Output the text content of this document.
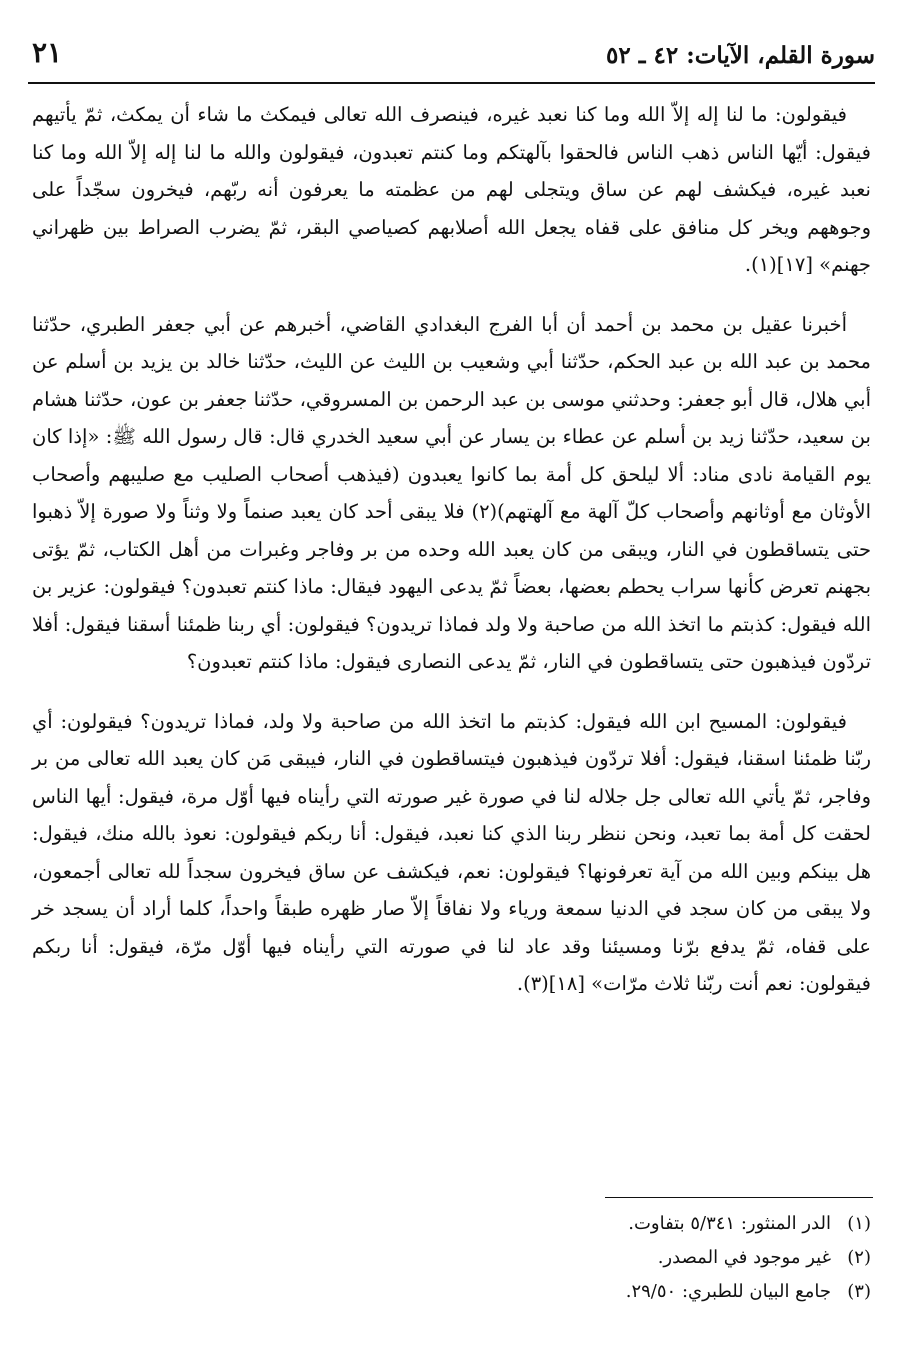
سورة القلم، الآيات: ٤٢ ـ ٥٢
٢١

فيقولون: ما لنا إله إلاّ الله وما كنا نعبد غيره، فينصرف الله تعالى فيمكث ما شاء أن يمكث، ثمّ يأتيهم فيقول: أيّها الناس ذهب الناس فالحقوا بآلهتكم وما كنتم تعبدون، فيقولون والله ما لنا إله إلاّ الله وما كنا نعبد غيره، فيكشف لهم عن ساق ويتجلى لهم من عظمته ما يعرفون أنه ربّهم، فيخرون سجّداً على وجوههم ويخر كل منافق على قفاه يجعل الله أصلابهم كصياصي البقر، ثمّ يضرب الصراط بين ظهراني جهنم» [١٧](١).

أخبرنا عقيل بن محمد بن أحمد أن أبا الفرج البغدادي القاضي، أخبرهم عن أبي جعفر الطبري، حدّثنا محمد بن عبد الله بن عبد الحكم، حدّثنا أبي وشعيب بن الليث عن الليث، حدّثنا خالد بن يزيد بن أسلم عن أبي هلال، قال أبو جعفر: وحدثني موسى بن عبد الرحمن بن المسروقي، حدّثنا جعفر بن عون، حدّثنا هشام بن سعيد، حدّثنا زيد بن أسلم عن عطاء بن يسار عن أبي سعيد الخدري قال: قال رسول الله ﷺ: «إذا كان يوم القيامة نادى مناد: ألا ليلحق كل أمة بما كانوا يعبدون (فيذهب أصحاب الصليب مع صليبهم وأصحاب الأوثان مع أوثانهم وأصحاب كلّ آلهة مع آلهتهم)(٢) فلا يبقى أحد كان يعبد صنماً ولا وثناً ولا صورة إلاّ ذهبوا حتى يتساقطون في النار، ويبقى من كان يعبد الله وحده من بر وفاجر وغبرات من أهل الكتاب، ثمّ يؤتى بجهنم تعرض كأنها سراب يحطم بعضها، بعضاً ثمّ يدعى اليهود فيقال: ماذا كنتم تعبدون؟ فيقولون: عزير بن الله فيقول: كذبتم ما اتخذ الله من صاحبة ولا ولد فماذا تريدون؟ فيقولون: أي ربنا ظمئنا أسقنا فيقول: أفلا تردّون فيذهبون حتى يتساقطون في النار، ثمّ يدعى النصارى فيقول: ماذا كنتم تعبدون؟

فيقولون: المسيح ابن الله فيقول: كذبتم ما اتخذ الله من صاحبة ولا ولد، فماذا تريدون؟ فيقولون: أي ربّنا ظمئنا اسقنا، فيقول: أفلا تردّون فيذهبون فيتساقطون في النار، فيبقى مَن كان يعبد الله تعالى من بر وفاجر، ثمّ يأتي الله تعالى جل جلاله لنا في صورة غير صورته التي رأيناه فيها أوّل مرة، فيقول: أيها الناس لحقت كل أمة بما تعبد، ونحن ننظر ربنا الذي كنا نعبد، فيقول: أنا ربكم فيقولون: نعوذ بالله منك، فيقول: هل بينكم وبين الله من آية تعرفونها؟ فيقولون: نعم، فيكشف عن ساق فيخرون سجداً لله تعالى أجمعون، ولا يبقى من كان سجد في الدنيا سمعة ورياء ولا نفاقاً إلاّ صار ظهره طبقاً واحداً، كلما أراد أن يسجد خر على قفاه، ثمّ يدفع برّنا ومسيئنا وقد عاد لنا في صورته التي رأيناه فيها أوّل مرّة، فيقول: أنا ربكم فيقولون: نعم أنت ربّنا ثلاث مرّات» [١٨](٣).

(١)
الدر المنثور: ٥/٣٤١ بتفاوت.
(٢)
غير موجود في المصدر.
(٣)
جامع البيان للطبري: ٢٩/٥٠.
